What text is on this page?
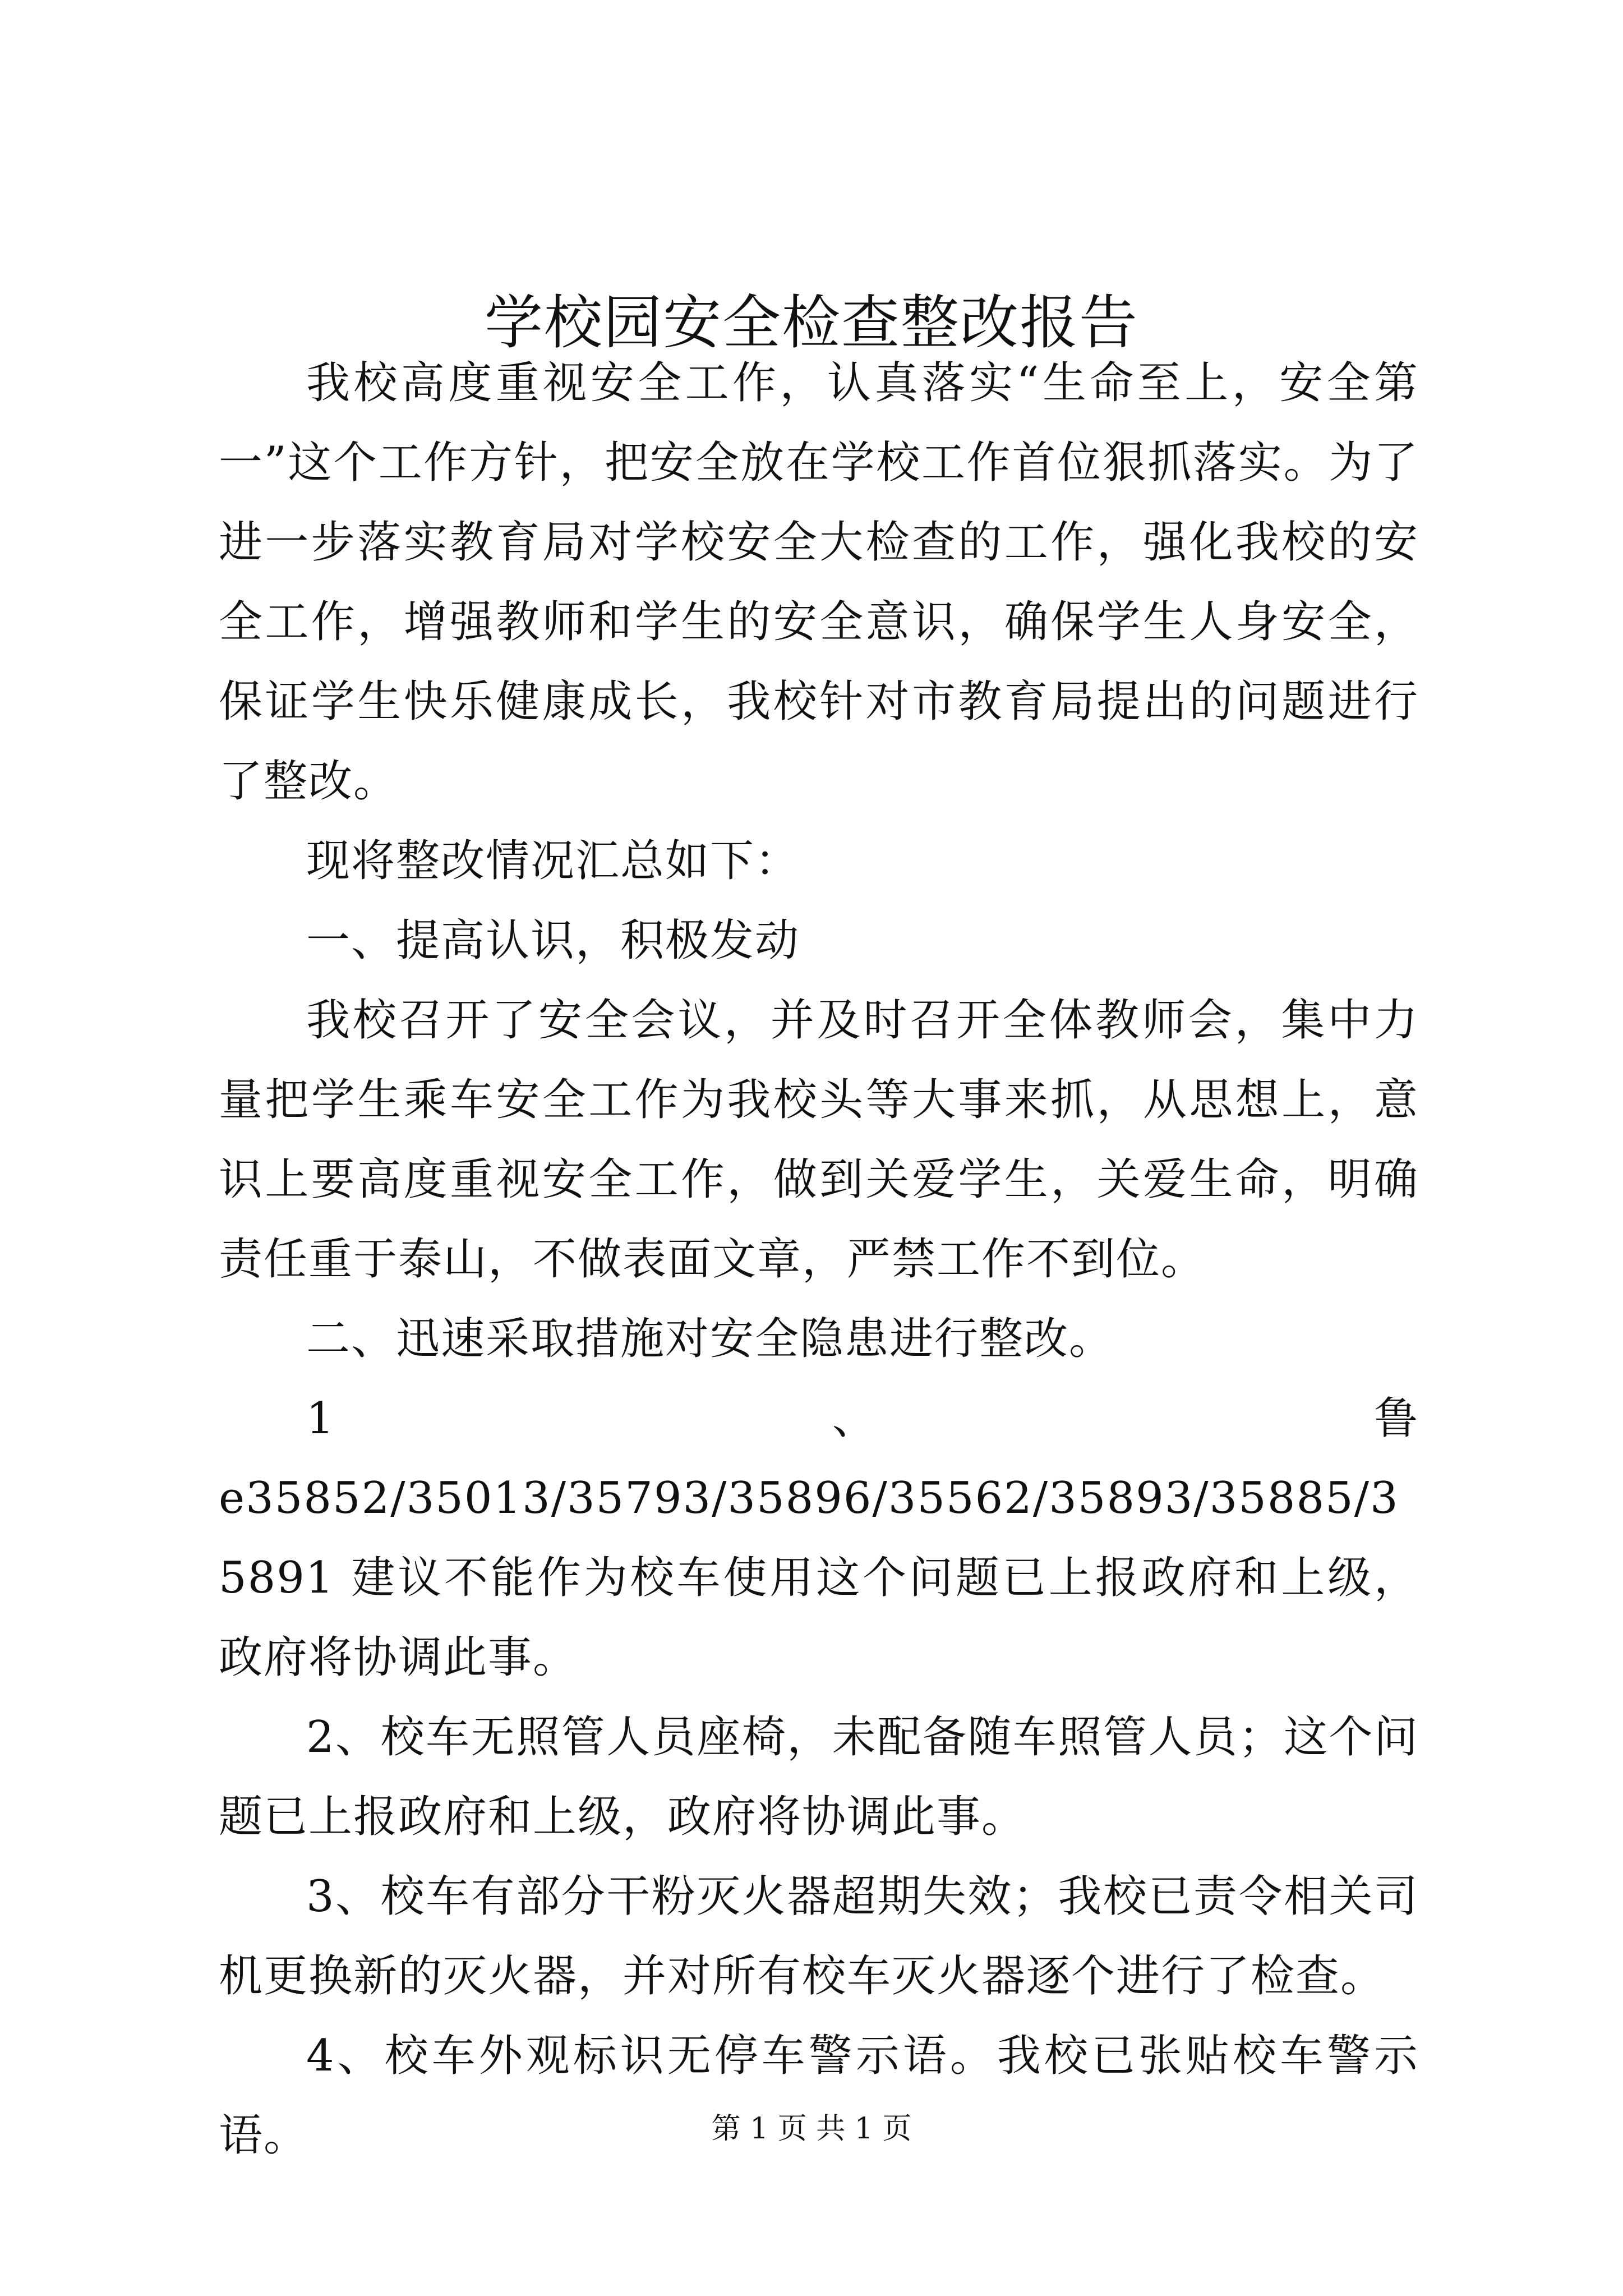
学校园安全检查整改报告

我校高度重视安全工作，认真落实“生命至上，安全第一”这个工作方针，把安全放在学校工作首位狠抓落实。为了进一步落实教育局对学校安全大检查的工作，强化我校的安全工作，增强教师和学生的安全意识，确保学生人身安全，保证学生快乐健康成长，我校针对市教育局提出的问题进行了整改。

现将整改情况汇总如下：

一、提高认识，积极发动

我校召开了安全会议，并及时召开全体教师会，集中力量把学生乘车安全工作为我校头等大事来抓，从思想上，意识上要高度重视安全工作，做到关爱学生，关爱生命，明确责任重于泰山，不做表面文章，严禁工作不到位。

二、迅速采取措施对安全隐患进行整改。

1	、	鲁

e35852/35013/35793/35896/35562/35893/35885/35891 建议不能作为校车使用这个问题已上报政府和上级，政府将协调此事。

2、校车无照管人员座椅，未配备随车照管人员；这个问题已上报政府和上级，政府将协调此事。

3、校车有部分干粉灭火器超期失效；我校已责令相关司机更换新的灭火器，并对所有校车灭火器逐个进行了检查。

4、校车外观标识无停车警示语。我校已张贴校车警示语。	第 1 页 共 1 页
